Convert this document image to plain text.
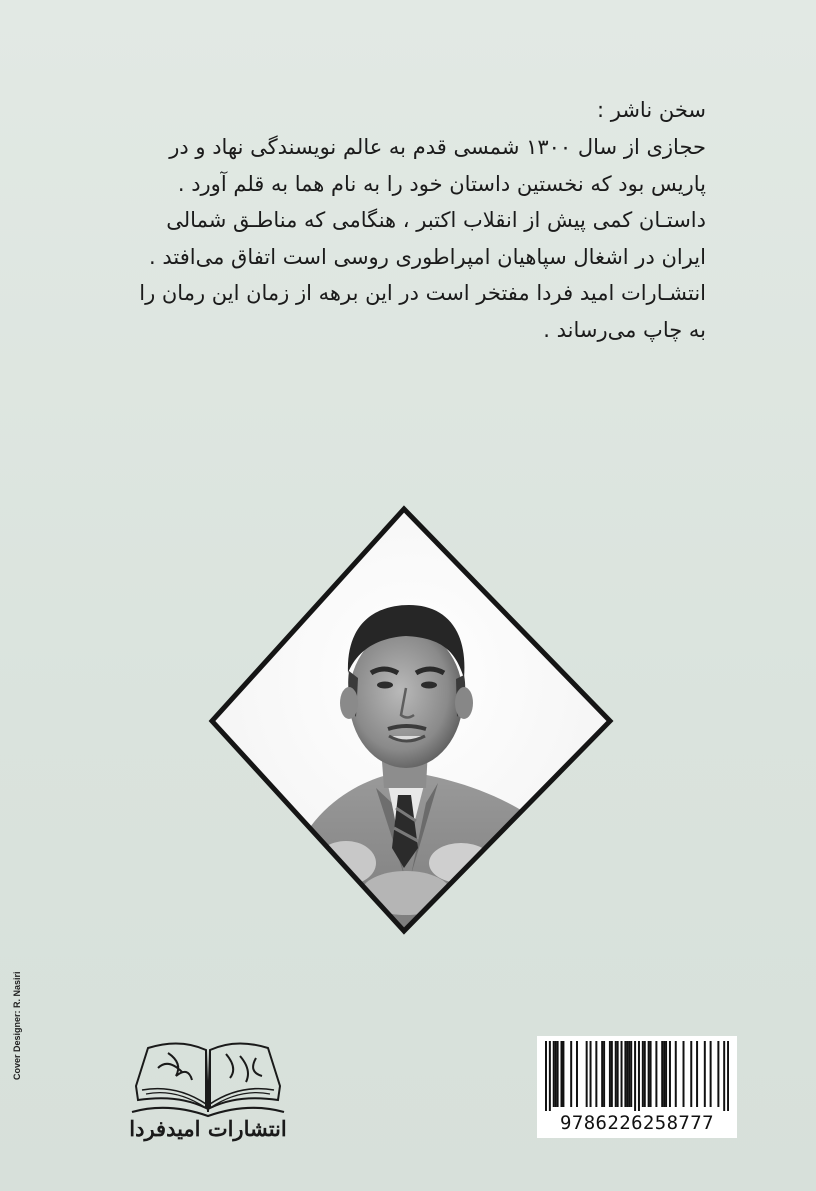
سخن ناشر :
حجازی از سال ۱۳۰۰ شمسی قدم به عالم نویسندگی نهاد و در
پاریس بود که نخستین داستان خود را به نام هما به قلم آورد .
داستـان کمی پیش از انقلاب اکتبر ، هنگامی که مناطـق شمالی
ایران در اشغال سپاهیان امپراطوری روسی است اتفاق می‌افتد .
انتشـارات امید فردا مفتخر است در این برهه از زمان این رمان را
به چاپ می‌رساند .
Cover Designer: R. Nasiri
انتشارات امیدفردا	9786226258777
